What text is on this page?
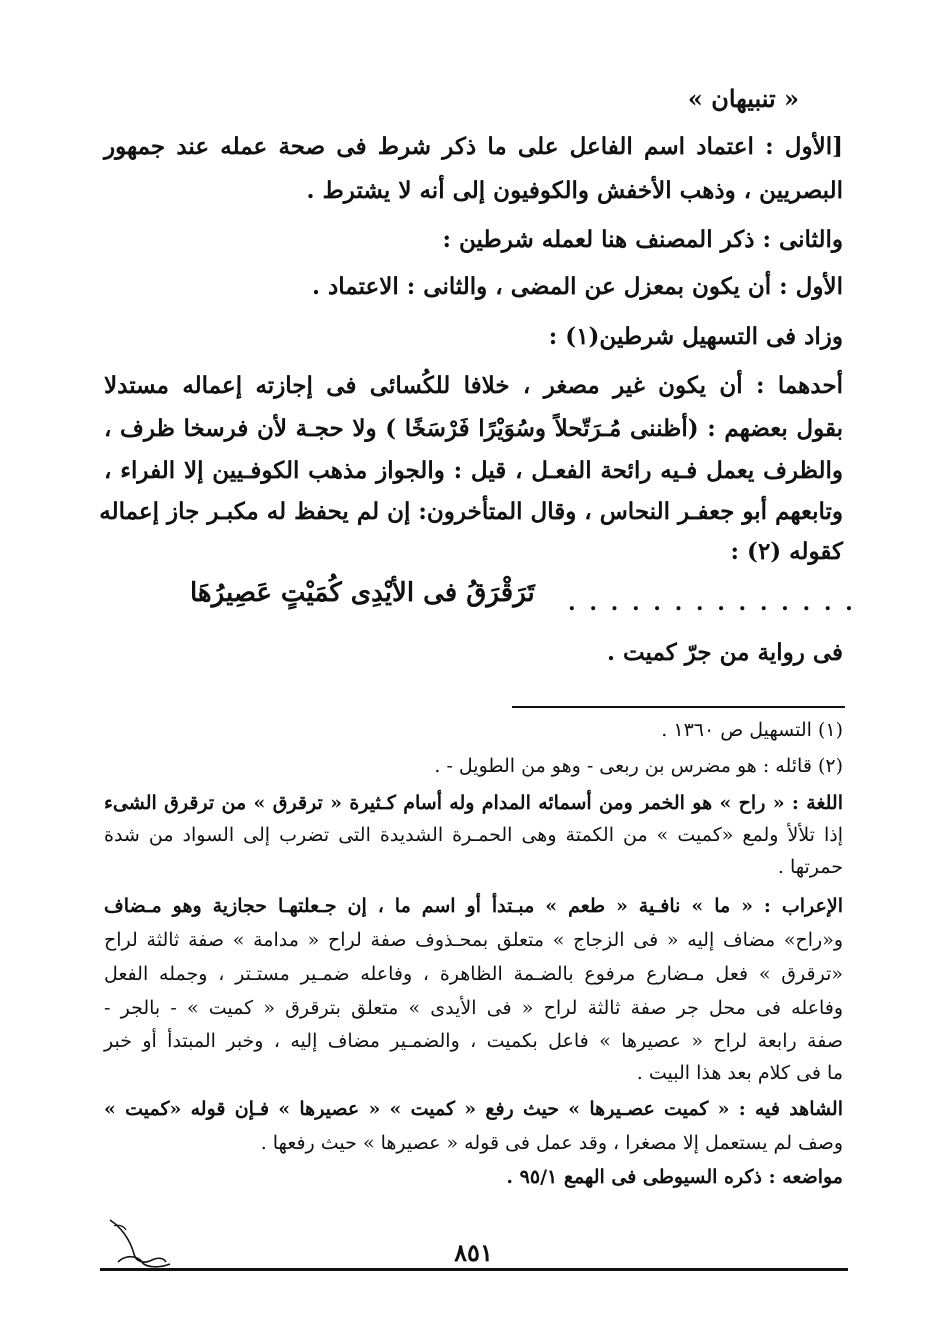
« تنبيهان »
[الأول : اعتماد اسم الفاعل على ما ذكر شرط فى صحة عمله عند جمهور
البصريين ، وذهب الأخفش والكوفيون إلى أنه لا يشترط .
والثانى : ذكر المصنف هنا لعمله شرطين :
الأول : أن يكون بمعزل عن المضى ، والثانى : الاعتماد .
وزاد فى التسهيل شرطين(١) :
أحدهما : أن يكون غير مصغر ، خلافا للكُسائى فى إجازته إعماله مستدلا
بقول بعضهم : (أظننى مُـرَتّحلاً وسُوَيْرًا فَرْسَخًا ) ولا حجـة لأن فرسخا ظرف ،
والظرف يعمل فـيه رائحة الفعـل ، قيل : والجواز مذهب الكوفـيين إلا الفراء ،
وتابعهم أبو جعفـر النحاس ، وقال المتأخرون: إن لم يحفظ له مكبـر جاز إعماله
كقوله (٢) :
. . . . . . . . . . . . . .
تَرَقْرَقُ فى الأيْدِى كُمَيْتٍ عَصِيرُهَا
فى رواية من جرّ كميت .
(١) التسهيل ص ١٣٦٠ .
(٢) قائله : هو مضرس بن ربعى - وهو من الطويل - .
اللغة : « راح » هو الخمر ومن أسمائه المدام وله أسام كـثيرة « ترقرق » من ترقرق الشىء
إذا تلألأ ولمع «كميت » من الكمتة وهى الحمـرة الشديدة التى تضرب إلى السواد من شدة
حمرتها .
الإعراب : « ما » نافـية « طعم » مبـتدأ أو اسم ما ، إن جـعلتهـا حجازية وهو مـضاف
و«راح» مضاف إليه « فى الزجاج » متعلق بمحـذوف صفة لراح « مدامة » صفة ثالثة لراح
«ترقرق » فعل مـضارع مرفوع بالضـمة الظاهرة ، وفاعله ضمـير مستـتر ، وجمله الفعل
وفاعله فى محل جر صفة ثالثة لراح « فى الأيدى » متعلق بترقرق « كميت » - بالجر -
صفة رابعة لراح « عصيرها » فاعل بكميت ، والضمـير مضاف إليه ، وخبر المبتدأ أو خبر
ما فى كلام بعد هذا البيت .
الشاهد فيه : « كميت عصـيرها » حيث رفع « كميت » « عصيرها » فـإن قوله «كميت »
وصف لم يستعمل إلا مصغرا ، وقد عمل فى قوله « عصيرها » حيث رفعها .
مواضعه : ذكره السيوطى فى الهمع ٩٥/١ .
٨٥١
